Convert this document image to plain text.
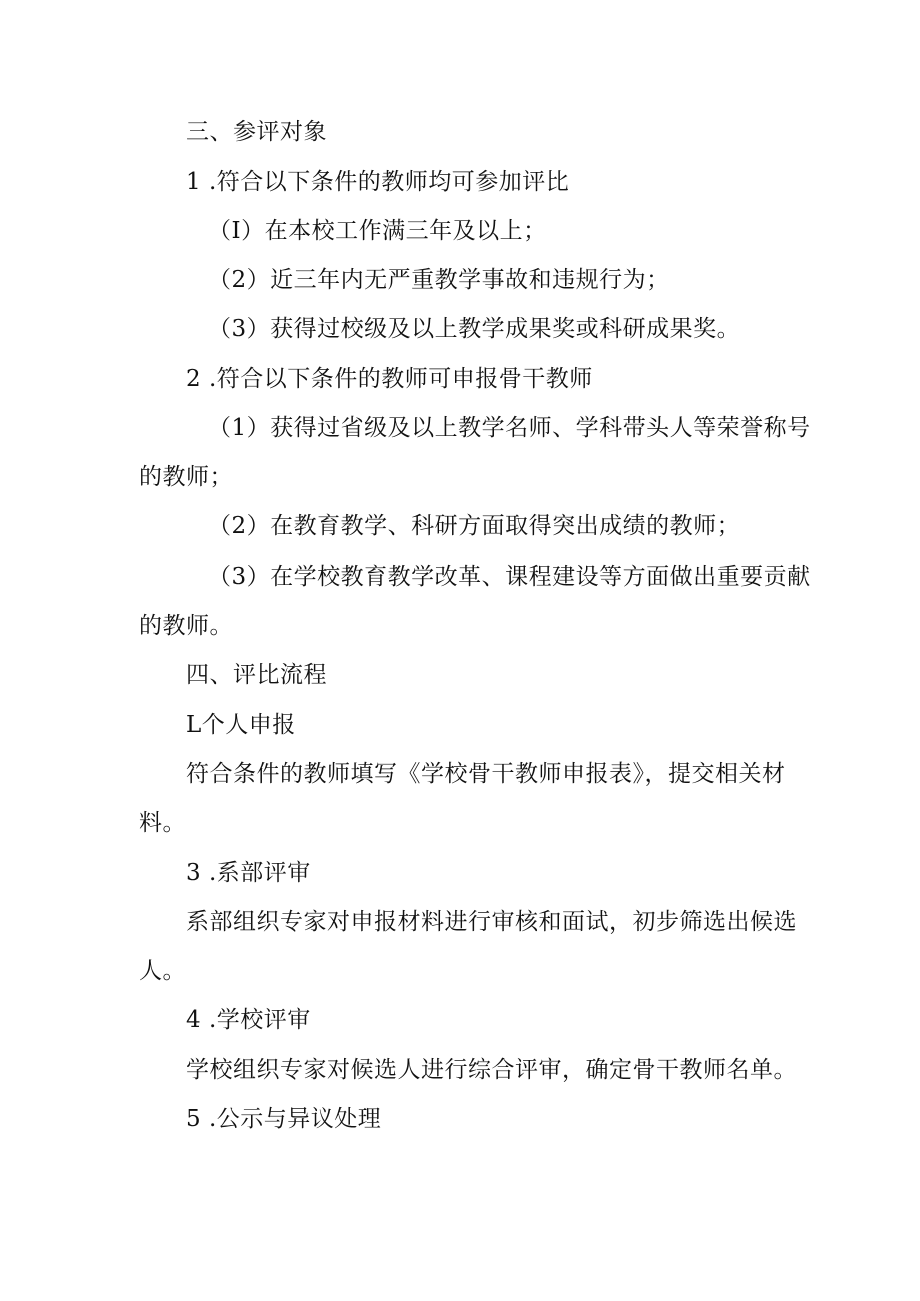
三、参评对象
1 .符合以下条件的教师均可参加评比
（I）在本校工作满三年及以上；
（2）近三年内无严重教学事故和违规行为；
（3）获得过校级及以上教学成果奖或科研成果奖。
2 .符合以下条件的教师可申报骨干教师
（1）获得过省级及以上教学名师、学科带头人等荣誉称号
的教师；
（2）在教育教学、科研方面取得突出成绩的教师；
（3）在学校教育教学改革、课程建设等方面做出重要贡献
的教师。
四、评比流程
L个人申报
符合条件的教师填写《学校骨干教师申报表》，提交相关材
料。
3 .系部评审
系部组织专家对申报材料进行审核和面试，初步筛选出候选
人。
4 .学校评审
学校组织专家对候选人进行综合评审，确定骨干教师名单。
5 .公示与异议处理
